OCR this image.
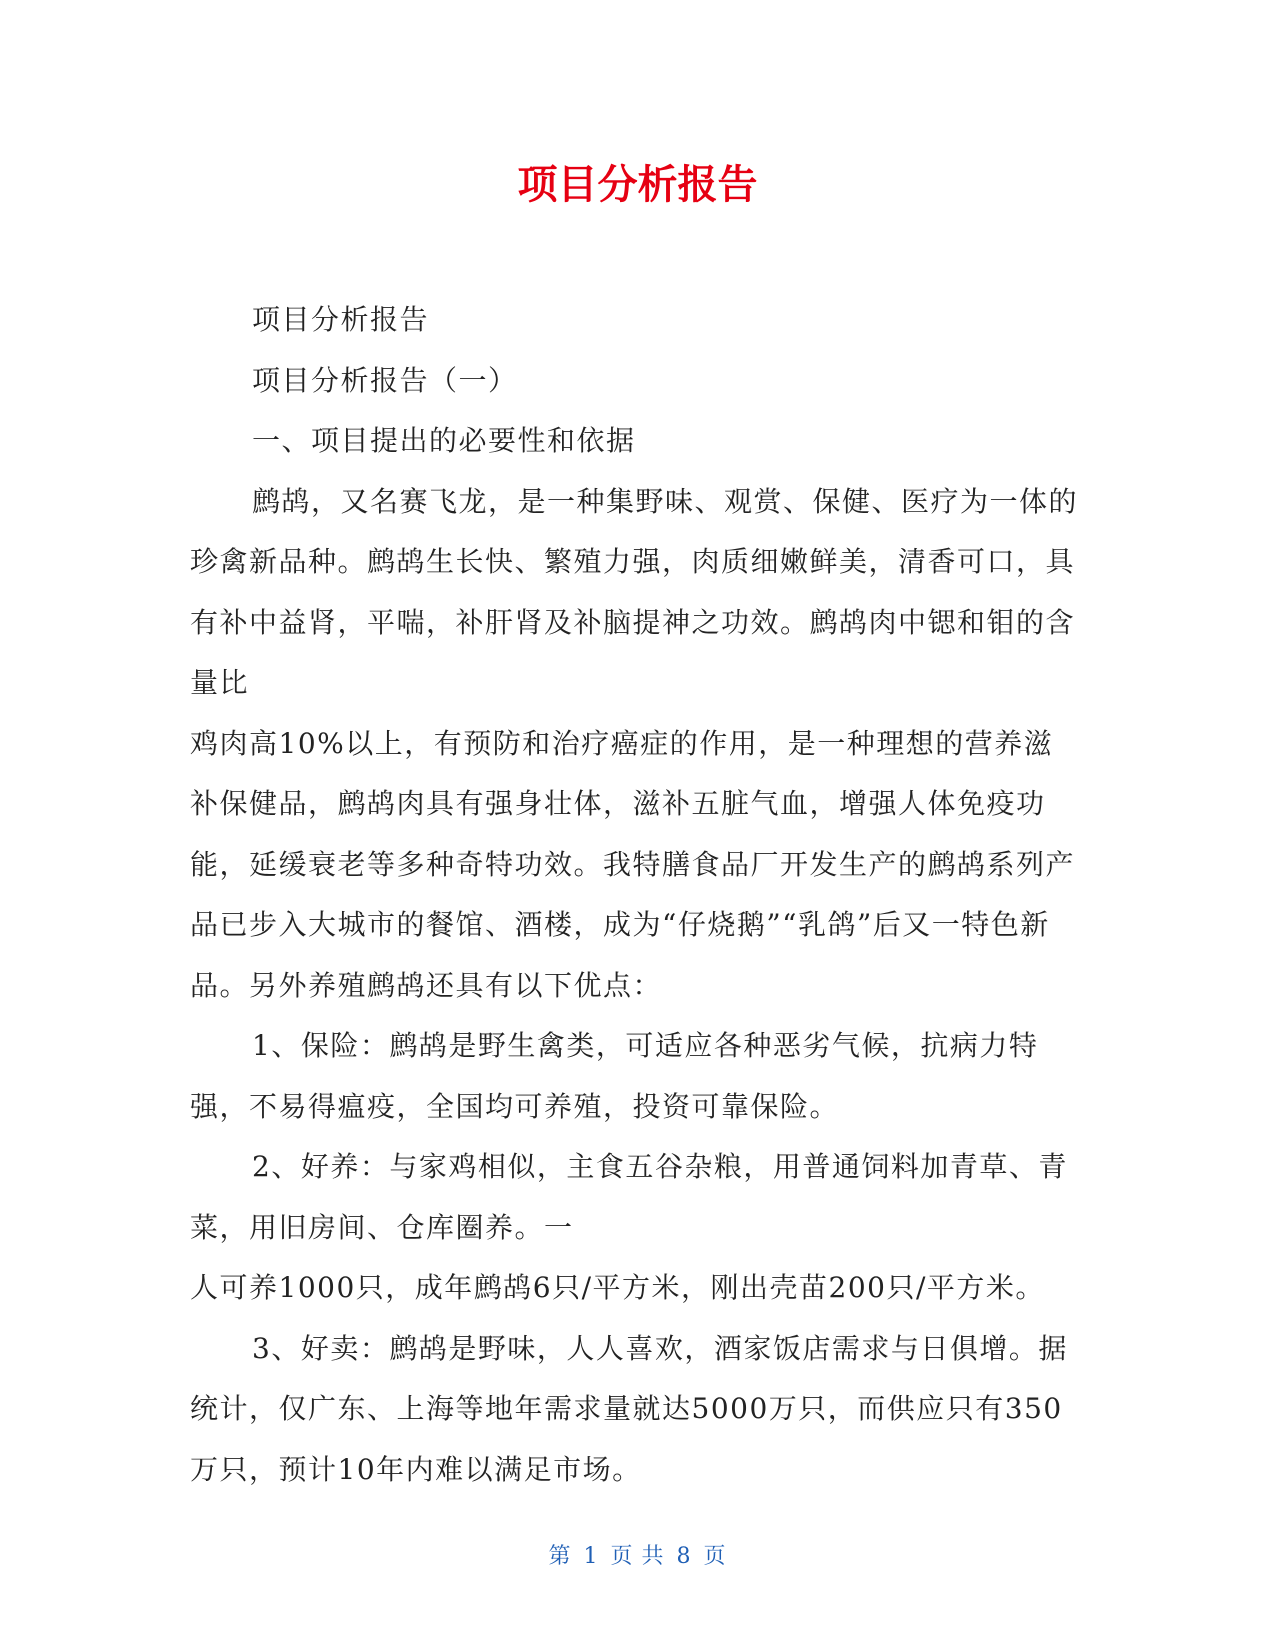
项目分析报告

项目分析报告

项目分析报告（一）

一、项目提出的必要性和依据

鹧鸪，又名赛飞龙，是一种集野味、观赏、保健、医疗为一体的珍禽新品种。鹧鸪生长快、繁殖力强，肉质细嫩鲜美，清香可口，具有补中益肾，平喘，补肝肾及补脑提神之功效。鹧鸪肉中锶和钼的含量比

鸡肉高10%以上，有预防和治疗癌症的作用，是一种理想的营养滋补保健品，鹧鸪肉具有强身壮体，滋补五脏气血，增强人体免疫功能，延缓衰老等多种奇特功效。我特膳食品厂开发生产的鹧鸪系列产品已步入大城市的餐馆、酒楼，成为“仔烧鹅”“乳鸽”后又一特色新品。另外养殖鹧鸪还具有以下优点：

1、保险：鹧鸪是野生禽类，可适应各种恶劣气候，抗病力特强，不易得瘟疫，全国均可养殖，投资可靠保险。

2、好养：与家鸡相似，主食五谷杂粮，用普通饲料加青草、青菜，用旧房间、仓库圈养。一

人可养1000只，成年鹧鸪6只/平方米，刚出壳苗200只/平方米。

3、好卖：鹧鸪是野味，人人喜欢，酒家饭店需求与日俱增。据统计，仅广东、上海等地年需求量就达5000万只，而供应只有350万只，预计10年内难以满足市场。

第 1 页 共 8 页
